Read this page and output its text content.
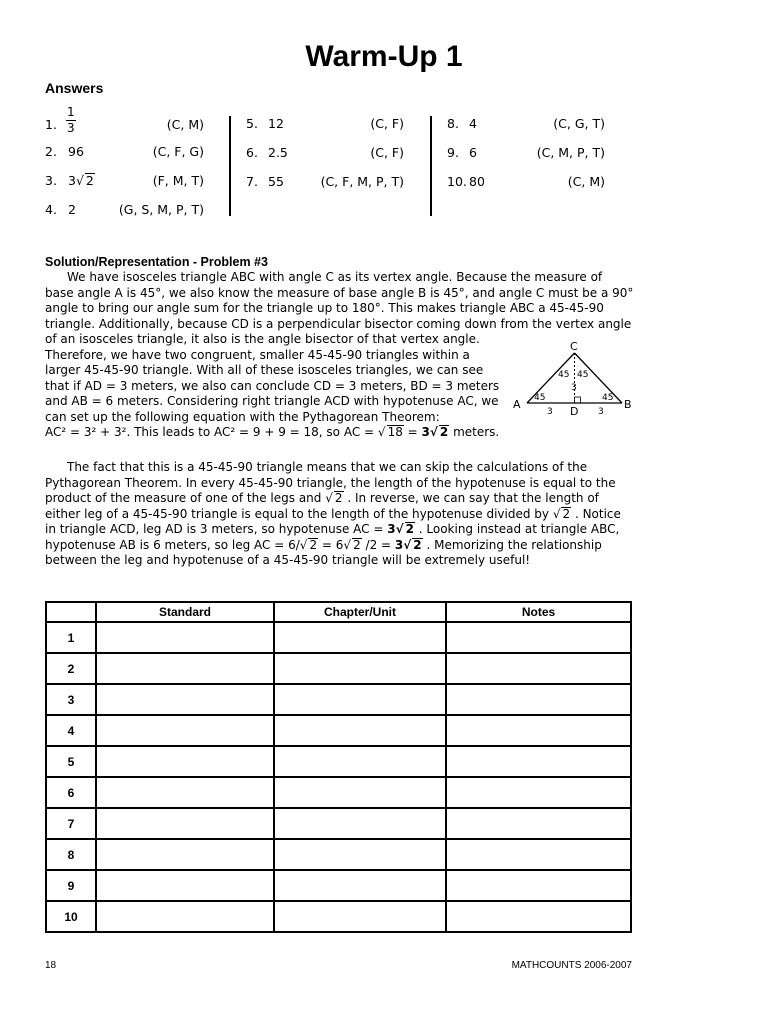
Warm-Up 1
Answers
1. $\frac{1}{3}$	(C, M)
2. 96	(C, F, G)
3. 3√ 2	(F, M, T)
4. 2	(G, S, M, P, T)
5. 12	(C, F)
6. 2.5	(C, F)
7. 55	(C, F, M, P, T)
8. 4	(C, G, T)
9. 6	(C, M, P, T)
10. 80	(C, M)
Solution/Representation - Problem #3
We have isosceles triangle ABC with angle C as its vertex angle. Because the measure of
base angle A is 45°, we also know the measure of base angle B is 45°, and angle C must be a 90°
angle to bring our angle sum for the triangle up to 180°. This makes triangle ABC a 45-45-90
triangle. Additionally, because CD is a perpendicular bisector coming down from the vertex angle
of an isosceles triangle, it also is the angle bisector of that vertex angle.
Therefore, we have two congruent, smaller 45-45-90 triangles within a
larger 45-45-90 triangle. With all of these isosceles triangles, we can see
that if AD = 3 meters, we also can conclude CD = 3 meters, BD = 3 meters
and AB = 6 meters. Considering right triangle ACD with hypotenuse AC, we
can set up the following equation with the Pythagorean Theorem:
AC² = 3² + 3². This leads to AC² = 9 + 9 = 18, so AC = √ 18 = 3√ 2 meters.
C
A	B
D
45	45
45 45
3
3	3
The fact that this is a 45-45-90 triangle means that we can skip the calculations of the
Pythagorean Theorem. In every 45-45-90 triangle, the length of the hypotenuse is equal to the
product of the measure of one of the legs and √ 2 . In reverse, we can say that the length of
either leg of a 45-45-90 triangle is equal to the length of the hypotenuse divided by √ 2 . Notice
in triangle ACD, leg AD is 3 meters, so hypotenuse AC = 3√ 2 . Looking instead at triangle ABC,
hypotenuse AB is 6 meters, so leg AC = 6/√ 2 = 6√ 2 /2 = 3√ 2 . Memorizing the relationship
between the leg and hypotenuse of a 45-45-90 triangle will be extremely useful!
	Standard	Chapter/Unit	Notes
1			
2			
3			
4			
5			
6			
7			
8			
9			
10			
18	MATHCOUNTS 2006-2007
